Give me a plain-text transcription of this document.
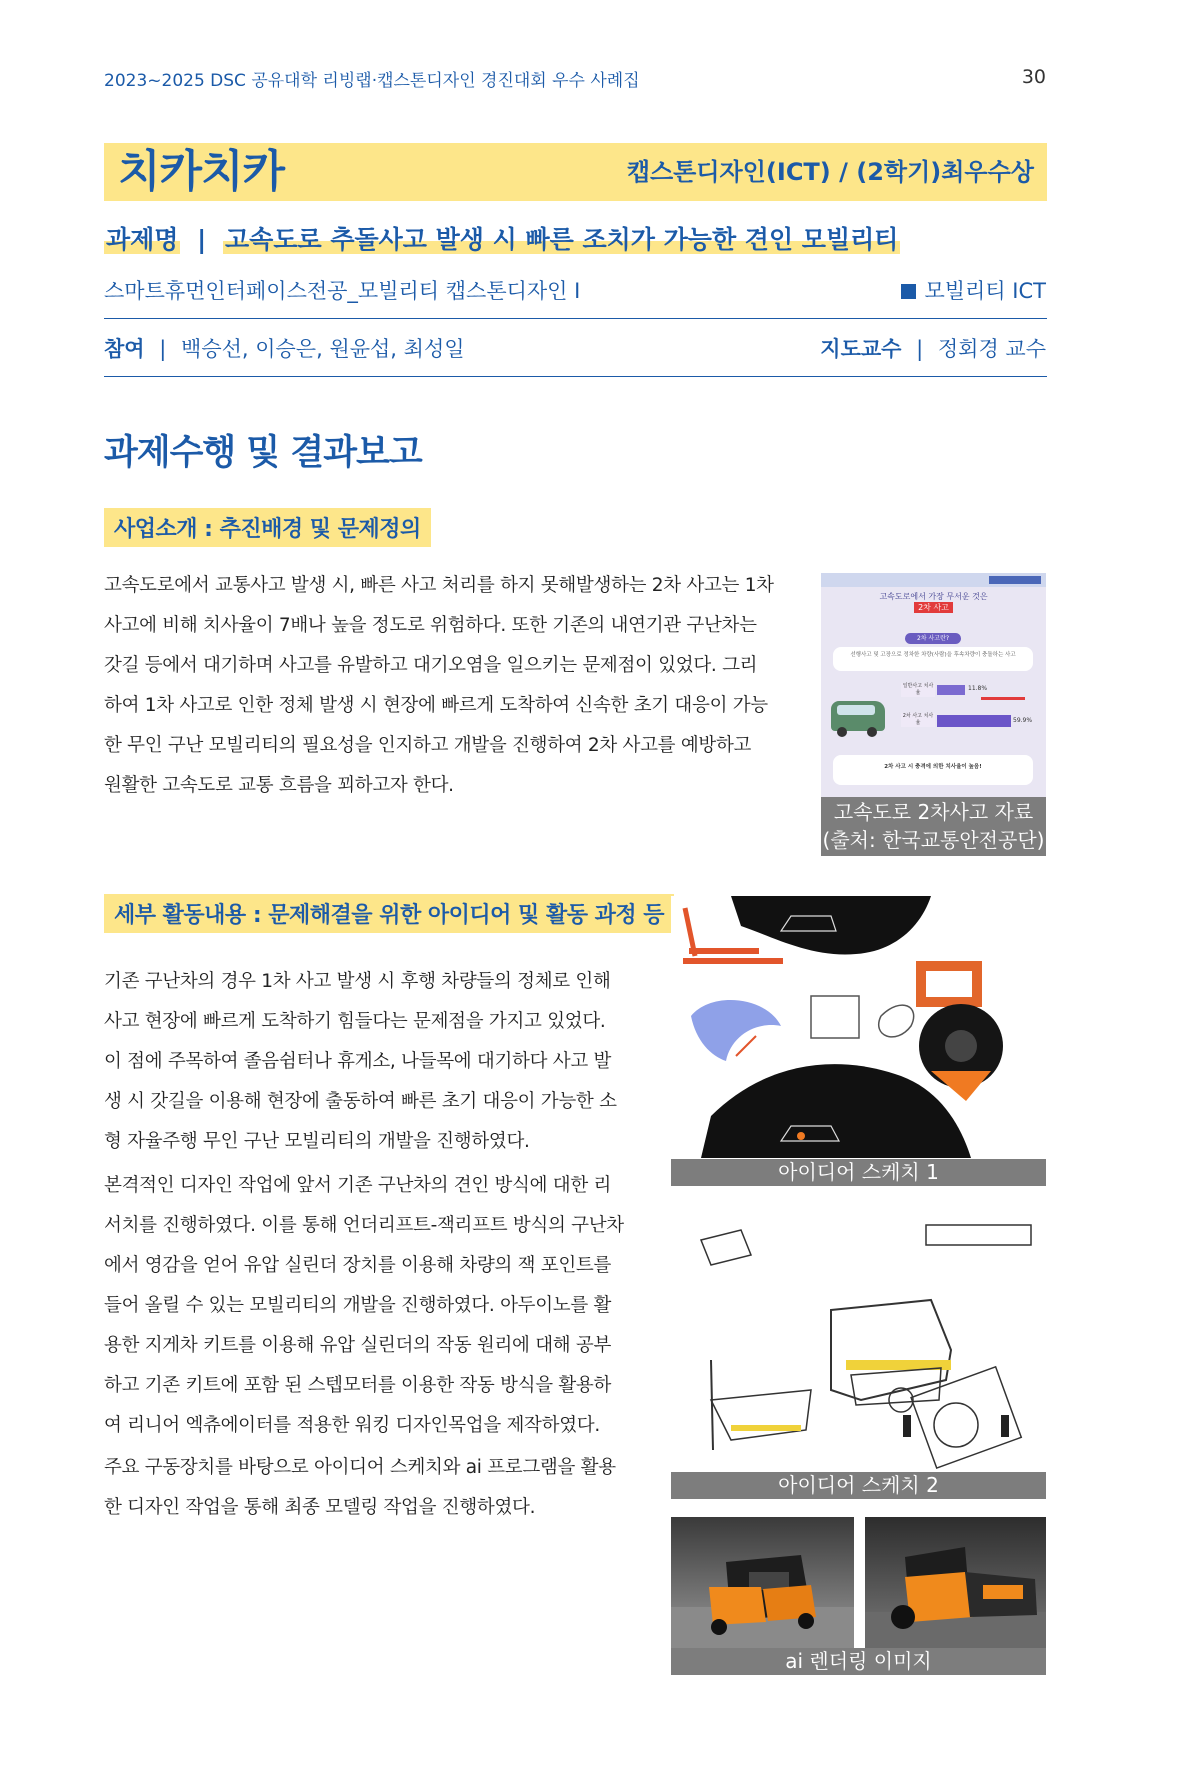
2023~2025 DSC 공유대학 리빙랩·캡스톤디자인 경진대회 우수 사례집	30
치카치카	캡스톤디자인(ICT) / (2학기)최우수상
과제명 | 고속도로 추돌사고 발생 시 빠른 조치가 가능한 견인 모빌리티
스마트휴먼인터페이스전공_모빌리티 캡스톤디자인 I	모빌리티 ICT
참여 | 백승선, 이승은, 원윤섭, 최성일	지도교수 | 정회경 교수
과제수행 및 결과보고
사업소개 : 추진배경 및 문제정의
고속도로에서 교통사고 발생 시, 빠른 사고 처리를 하지 못해발생하는 2차 사고는 1차 사고에 비해 치사율이 7배나 높을 정도로 위험하다. 또한 기존의 내연기관 구난차는 갓길 등에서 대기하며 사고를 유발하고 대기오염을 일으키는 문제점이 있었다. 그리하여 1차 사고로 인한 정체 발생 시 현장에 빠르게 도착하여 신속한 초기 대응이 가능한 무인 구난 모빌리티의 필요성을 인지하고 개발을 진행하여 2차 사고를 예방하고 원활한 고속도로 교통 흐름을 꾀하고자 한다.
고속도로에서 가장 무서운 것은
2차 사고
2차 사고란?
선행사고 및 고장으로 정차한 차량(사람)을 후속차량이 충돌하는 사고
일반사고 치사율
11.8%
2차 사고 치사율	59.9%
2차 사고 시 충격에 의한 치사율이 높음!
고속도로 2차사고 자료
(출처: 한국교통안전공단)
세부 활동내용 : 문제해결을 위한 아이디어 및 활동 과정 등
기존 구난차의 경우 1차 사고 발생 시 후행 차량들의 정체로 인해 사고 현장에 빠르게 도착하기 힘들다는 문제점을 가지고 있었다. 이 점에 주목하여 졸음쉼터나 휴게소, 나들목에 대기하다 사고 발생 시 갓길을 이용해 현장에 출동하여 빠른 초기 대응이 가능한 소형 자율주행 무인 구난 모빌리티의 개발을 진행하였다.
본격적인 디자인 작업에 앞서 기존 구난차의 견인 방식에 대한 리서치를 진행하였다. 이를 통해 언더리프트-잭리프트 방식의 구난차에서 영감을 얻어 유압 실린더 장치를 이용해 차량의 잭 포인트를 들어 올릴 수 있는 모빌리티의 개발을 진행하였다. 아두이노를 활용한 지게차 키트를 이용해 유압 실린더의 작동 원리에 대해 공부하고 기존 키트에 포함 된 스텝모터를 이용한 작동 방식을 활용하여 리니어 엑츄에이터를 적용한 워킹 디자인목업을 제작하였다.
주요 구동장치를 바탕으로 아이디어 스케치와 ai 프로그램을 활용한 디자인 작업을 통해 최종 모델링 작업을 진행하였다.
아이디어 스케치 1
아이디어 스케치 2
ai 렌더링 이미지
